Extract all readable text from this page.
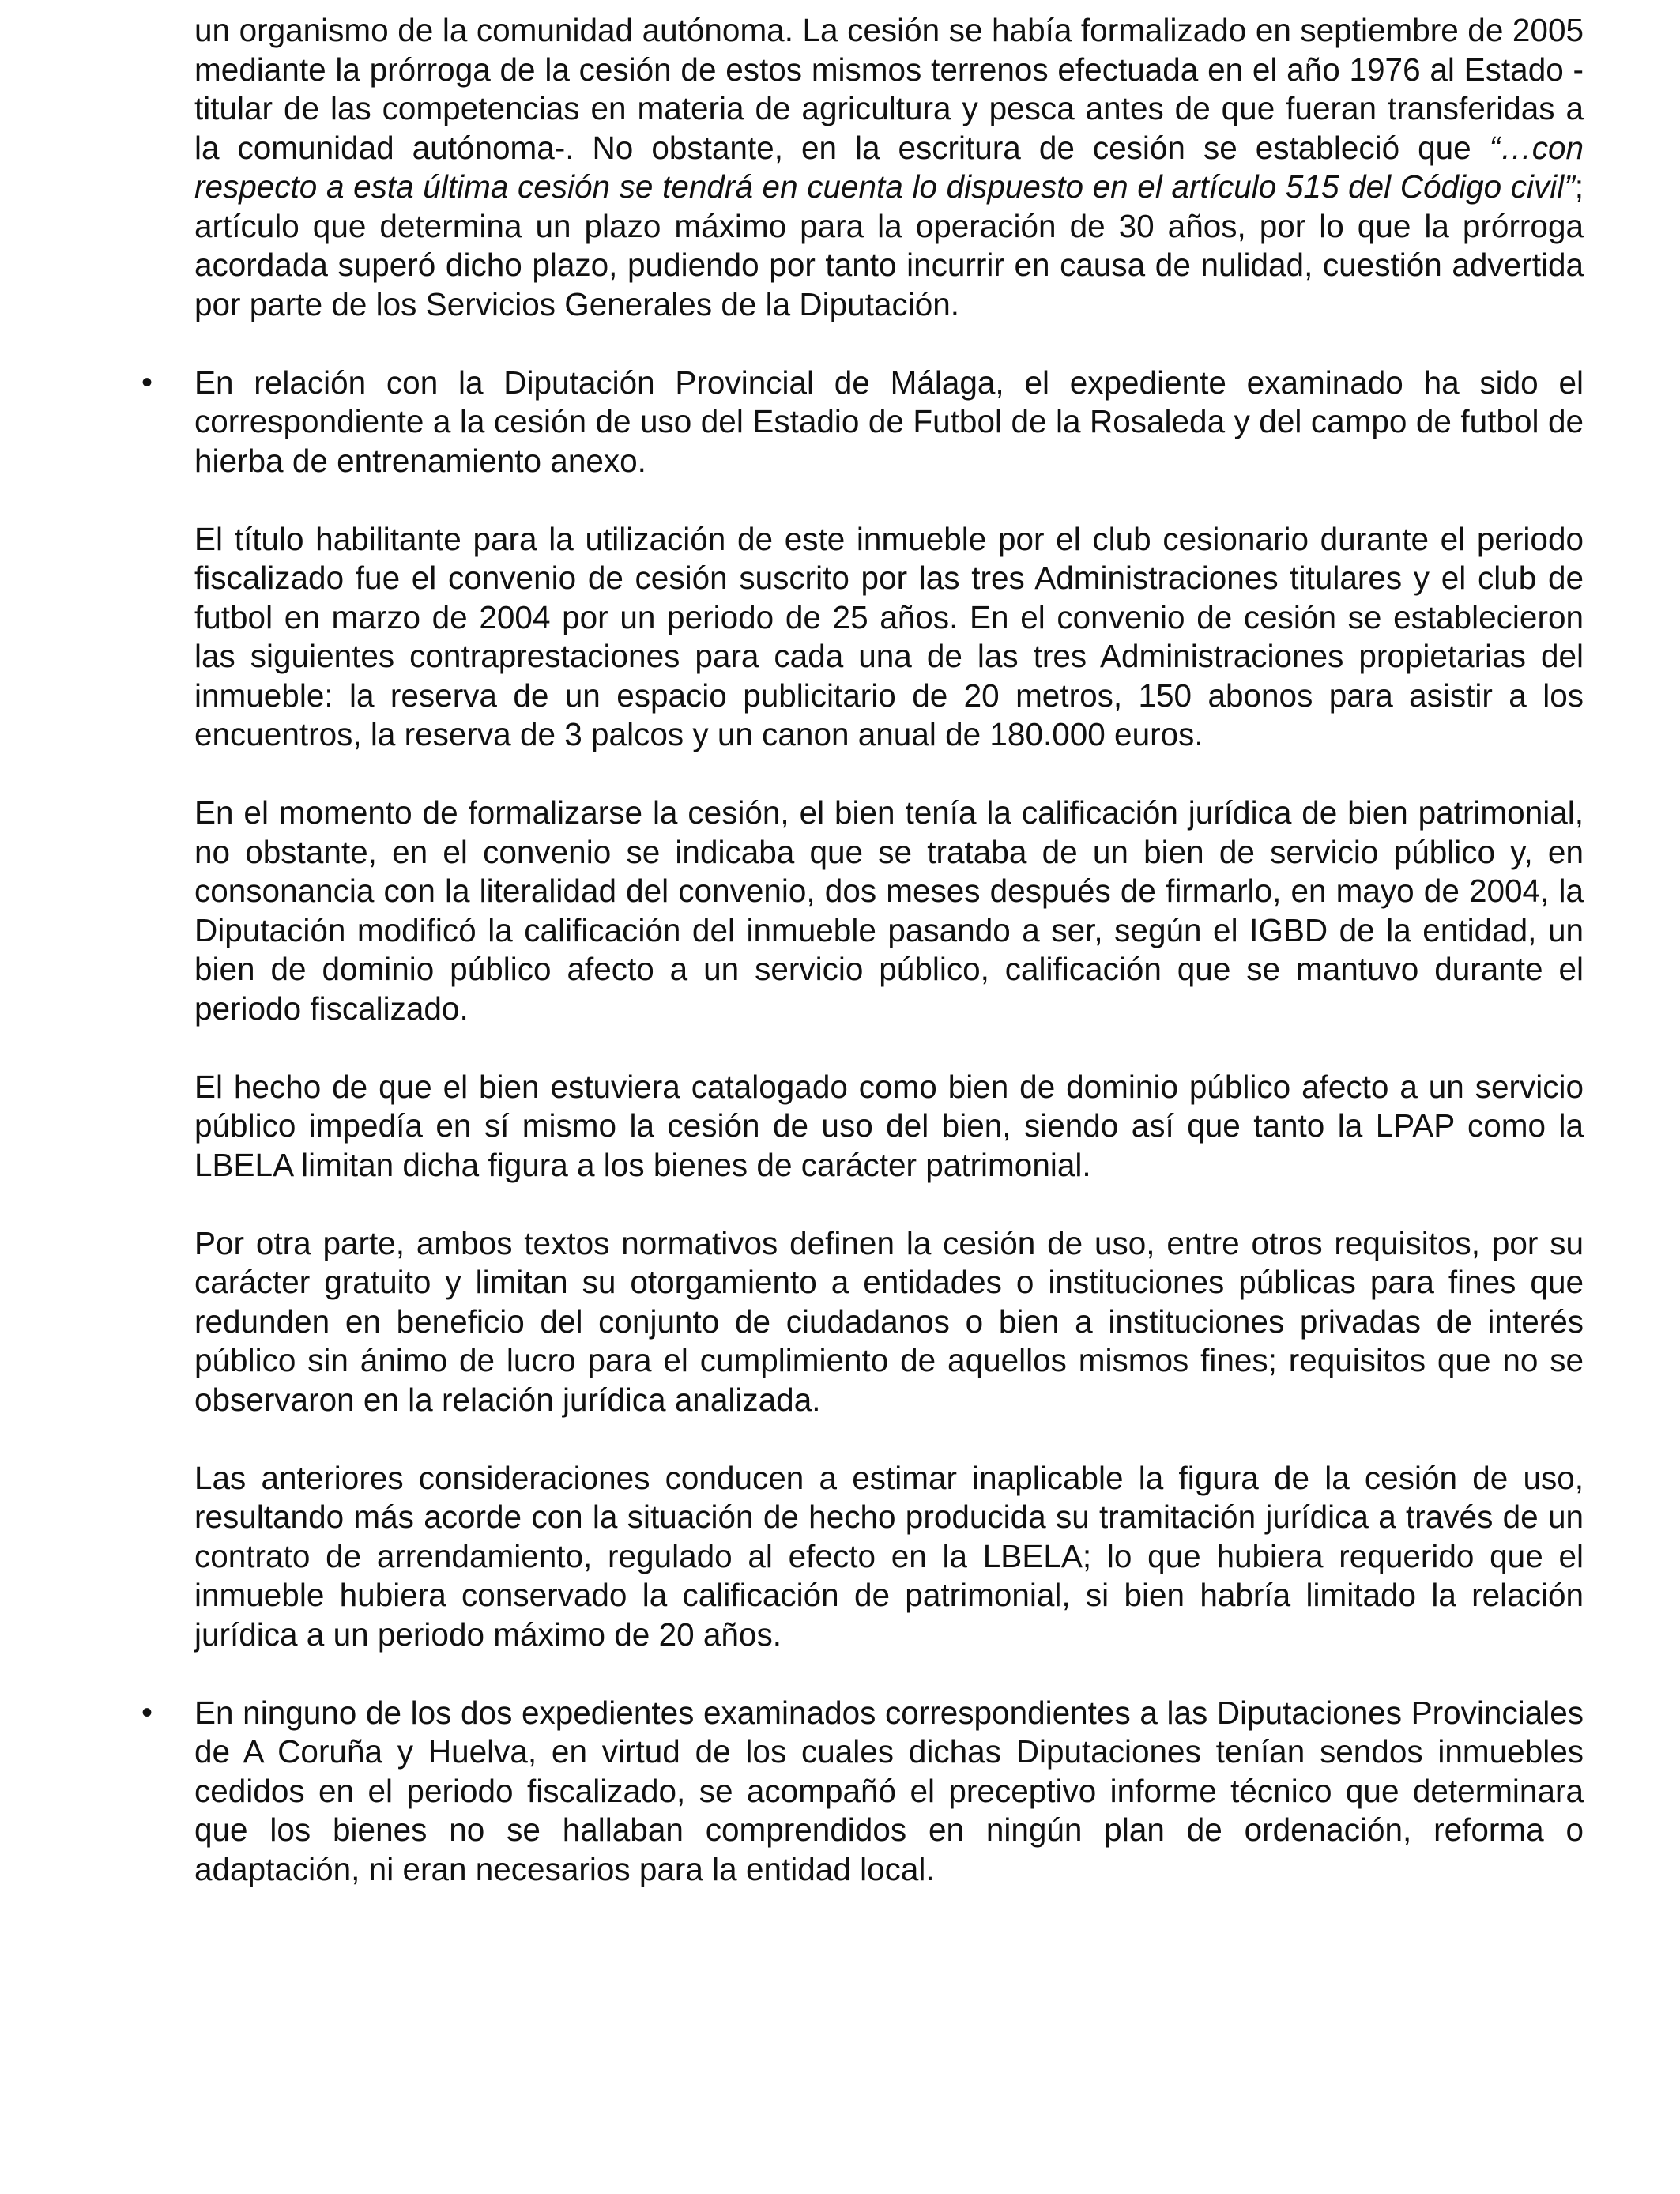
un organismo de la comunidad autónoma. La cesión se había formalizado en septiembre de 2005 mediante la prórroga de la cesión de estos mismos terrenos efectuada en el año 1976 al Estado -titular de las competencias en materia de agricultura y pesca antes de que fueran transferidas a la comunidad autónoma-. No obstante, en la escritura de cesión se estableció que “…con respecto a esta última cesión se tendrá en cuenta lo dispuesto en el artículo 515 del Código civil”; artículo que determina un plazo máximo para la operación de 30 años, por lo que la prórroga acordada superó dicho plazo, pudiendo por tanto incurrir en causa de nulidad, cuestión advertida por parte de los Servicios Generales de la Diputación.

• En relación con la Diputación Provincial de Málaga, el expediente examinado ha sido el correspondiente a la cesión de uso del Estadio de Futbol de la Rosaleda y del campo de futbol de hierba de entrenamiento anexo.

El título habilitante para la utilización de este inmueble por el club cesionario durante el periodo fiscalizado fue el convenio de cesión suscrito por las tres Administraciones titulares y el club de futbol en marzo de 2004 por un periodo de 25 años. En el convenio de cesión se establecieron las siguientes contraprestaciones para cada una de las tres Administraciones propietarias del inmueble: la reserva de un espacio publicitario de 20 metros, 150 abonos para asistir a los encuentros, la reserva de 3 palcos y un canon anual de 180.000 euros.

En el momento de formalizarse la cesión, el bien tenía la calificación jurídica de bien patrimonial, no obstante, en el convenio se indicaba que se trataba de un bien de servicio público y, en consonancia con la literalidad del convenio, dos meses después de firmarlo, en mayo de 2004, la Diputación modificó la calificación del inmueble pasando a ser, según el IGBD de la entidad, un bien de dominio público afecto a un servicio público, calificación que se mantuvo durante el periodo fiscalizado.

El hecho de que el bien estuviera catalogado como bien de dominio público afecto a un servicio público impedía en sí mismo la cesión de uso del bien, siendo así que tanto la LPAP como la LBELA limitan dicha figura a los bienes de carácter patrimonial.

Por otra parte, ambos textos normativos definen la cesión de uso, entre otros requisitos, por su carácter gratuito y limitan su otorgamiento a entidades o instituciones públicas para fines que redunden en beneficio del conjunto de ciudadanos o bien a instituciones privadas de interés público sin ánimo de lucro para el cumplimiento de aquellos mismos fines; requisitos que no se observaron en la relación jurídica analizada.

Las anteriores consideraciones conducen a estimar inaplicable la figura de la cesión de uso, resultando más acorde con la situación de hecho producida su tramitación jurídica a través de un contrato de arrendamiento, regulado al efecto en la LBELA; lo que hubiera requerido que el inmueble hubiera conservado la calificación de patrimonial, si bien habría limitado la relación jurídica a un periodo máximo de 20 años.

• En ninguno de los dos expedientes examinados correspondientes a las Diputaciones Provinciales de A Coruña y Huelva, en virtud de los cuales dichas Diputaciones tenían sendos inmuebles cedidos en el periodo fiscalizado, se acompañó el preceptivo informe técnico que determinara que los bienes no se hallaban comprendidos en ningún plan de ordenación, reforma o adaptación, ni eran necesarios para la entidad local.
